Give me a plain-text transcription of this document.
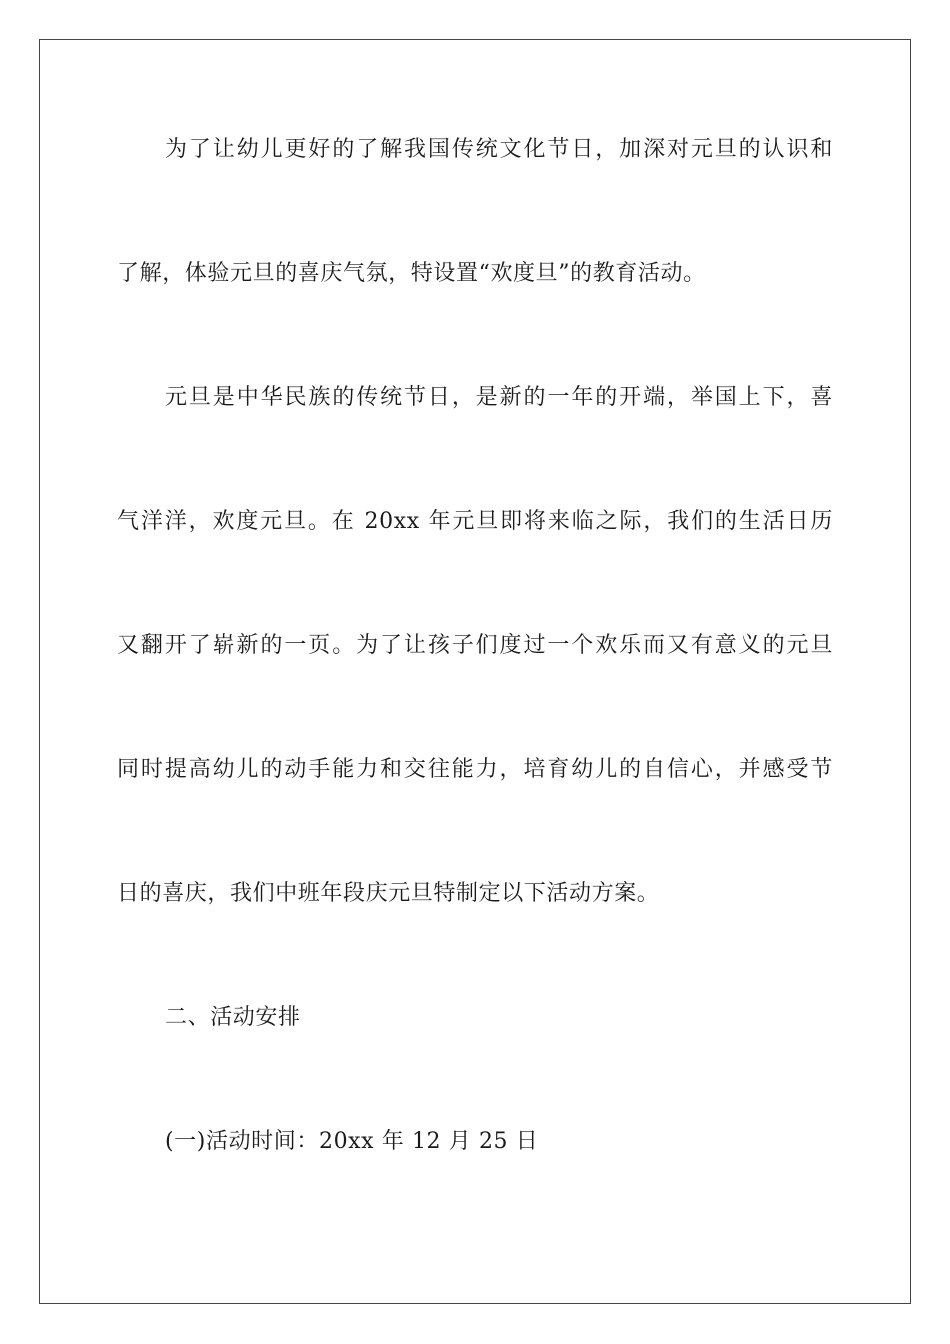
为了让幼儿更好的了解我国传统文化节日，加深对元旦的认识和
了解，体验元旦的喜庆气氛，特设置“欢度旦”的教育活动。
元旦是中华民族的传统节日，是新的一年的开端，举国上下，喜
气洋洋，欢度元旦。在 20xx 年元旦即将来临之际，我们的生活日历
又翻开了崭新的一页。为了让孩子们度过一个欢乐而又有意义的元旦
同时提高幼儿的动手能力和交往能力，培育幼儿的自信心，并感受节
日的喜庆，我们中班年段庆元旦特制定以下活动方案。
二、活动安排
(一)活动时间：20xx 年 12 月 25 日
